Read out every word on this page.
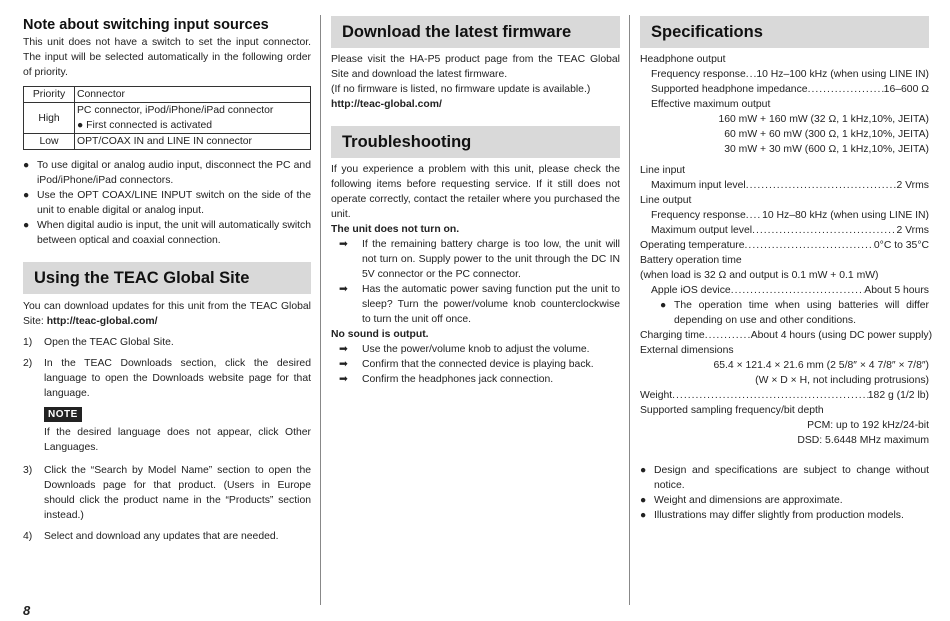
Note about switching input sources

This unit does not have a switch to set the input connector. The input will be selected automatically in the following order of priority.

Priority	Connector
High	PC connector, iPod/iPhone/iPad connector
● First connected is activated

Low	OPT/COAX IN and LINE IN connector
● To use digital or analog audio input, disconnect the PC and iPod/iPhone/iPad connectors.
● Use the OPT COAX/LINE INPUT switch on the side of the unit to enable digital or analog input.
● When digital audio is input, the unit will automatically switch between optical and coaxial connection.
Using the TEAC Global Site

You can download updates for this unit from the TEAC Global Site: http://teac-global.com/

1) Open the TEAC Global Site.
2) In the TEAC Downloads section, click the desired language to open the Downloads website page for that language.
NOTE

If the desired language does not appear, click Other Languages.

3) Click the “Search by Model Name” section to open the Downloads page for that product. (Users in Europe should click the product name in the “Products” section instead.)
4) Select and download any updates that are needed.
Download the latest firmware

Please visit the HA-P5 product page from the TEAC Global Site and download the latest firmware.

(If no firmware is listed, no firmware update is available.)

http://teac-global.com/

Troubleshooting

If you experience a problem with this unit, please check the following items before requesting service. If it still does not operate correctly, contact the retailer where you purchased the unit.

The unit does not turn on.

➡ If the remaining battery charge is too low, the unit will not turn on. Supply power to the unit through the DC IN 5V connector or the PC connector.
➡ Has the automatic power saving function put the unit to sleep? Turn the power/volume knob counterclockwise to turn the unit off once.

No sound is output.

➡ Use the power/volume knob to adjust the volume.
➡ Confirm that the connected device is playing back.
➡ Confirm the headphones jack connection.
Specifications

Headphone output

Frequency response ..... 10 Hz–100 kHz (when using LINE IN)
Supported headphone impedance .....	16–600 Ω

Effective maximum output

160 mW + 160 mW (32 Ω, 1 kHz,10%, JEITA)

60 mW + 60 mW (300 Ω, 1 kHz,10%, JEITA)

30 mW + 30 mW (600 Ω, 1 kHz,10%, JEITA)

Line input

Maximum input level .....	2 Vrms

Line output

Frequency response ..... 10 Hz–80 kHz (when using LINE IN)
Maximum output level .....	2 Vrms
Operating temperature .....	0°C to 35°C

Battery operation time

(when load is 32 Ω and output is 0.1 mW + 0.1 mW)

Apple iOS device .....	About 5 hours
● The operation time when using batteries will differ depending on use and other conditions.
Charging time .....	About 4 hours (using DC power supply)

External dimensions

65.4 × 121.4 × 21.6 mm (2 5/8″ × 4 7/8″ × 7/8″)

(W × D × H, not including protrusions)

Weight .....	182 g (1/2 lb)

Supported sampling frequency/bit depth

PCM: up to 192 kHz/24-bit

DSD: 5.6448 MHz maximum

● Design and specifications are subject to change without notice.
● Weight and dimensions are approximate.
● Illustrations may differ slightly from production models.
8
